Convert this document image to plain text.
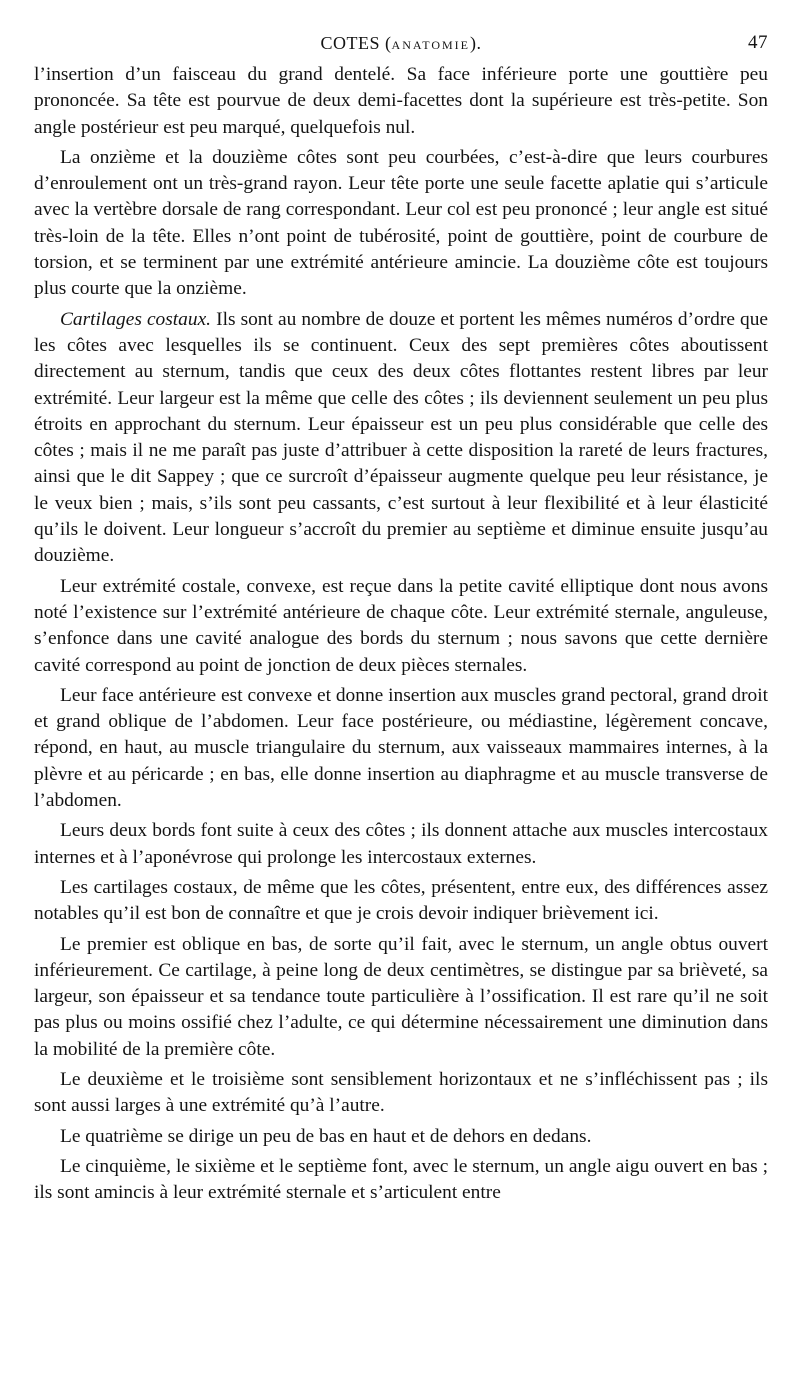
COTES (ANATOMIE).	47

l’insertion d’un faisceau du grand dentelé. Sa face inférieure porte une gouttière peu prononcée. Sa tête est pourvue de deux demi-facettes dont la supérieure est très-petite. Son angle postérieur est peu marqué, quelquefois nul.

La onzième et la douzième côtes sont peu courbées, c’est-à-dire que leurs courbures d’enroulement ont un très-grand rayon. Leur tête porte une seule facette aplatie qui s’articule avec la vertèbre dorsale de rang correspondant. Leur col est peu prononcé ; leur angle est situé très-loin de la tête. Elles n’ont point de tubérosité, point de gouttière, point de courbure de torsion, et se terminent par une extrémité antérieure amincie. La douzième côte est toujours plus courte que la onzième.

Cartilages costaux. Ils sont au nombre de douze et portent les mêmes numéros d’ordre que les côtes avec lesquelles ils se continuent. Ceux des sept premières côtes aboutissent directement au sternum, tandis que ceux des deux côtes flottantes restent libres par leur extrémité. Leur largeur est la même que celle des côtes ; ils deviennent seulement un peu plus étroits en approchant du sternum. Leur épaisseur est un peu plus considérable que celle des côtes ; mais il ne me paraît pas juste d’attribuer à cette disposition la rareté de leurs fractures, ainsi que le dit Sappey ; que ce surcroît d’épaisseur augmente quelque peu leur résistance, je le veux bien ; mais, s’ils sont peu cassants, c’est surtout à leur flexibilité et à leur élasticité qu’ils le doivent. Leur longueur s’accroît du premier au septième et diminue ensuite jusqu’au douzième.

Leur extrémité costale, convexe, est reçue dans la petite cavité elliptique dont nous avons noté l’existence sur l’extrémité antérieure de chaque côte. Leur extrémité sternale, anguleuse, s’enfonce dans une cavité analogue des bords du sternum ; nous savons que cette dernière cavité correspond au point de jonction de deux pièces sternales.

Leur face antérieure est convexe et donne insertion aux muscles grand pectoral, grand droit et grand oblique de l’abdomen. Leur face postérieure, ou médiastine, légèrement concave, répond, en haut, au muscle triangulaire du sternum, aux vaisseaux mammaires internes, à la plèvre et au péricarde ; en bas, elle donne insertion au diaphragme et au muscle transverse de l’abdomen.

Leurs deux bords font suite à ceux des côtes ; ils donnent attache aux muscles intercostaux internes et à l’aponévrose qui prolonge les intercostaux externes.

Les cartilages costaux, de même que les côtes, présentent, entre eux, des différences assez notables qu’il est bon de connaître et que je crois devoir indiquer brièvement ici.

Le premier est oblique en bas, de sorte qu’il fait, avec le sternum, un angle obtus ouvert inférieurement. Ce cartilage, à peine long de deux centimètres, se distingue par sa brièveté, sa largeur, son épaisseur et sa tendance toute particulière à l’ossification. Il est rare qu’il ne soit pas plus ou moins ossifié chez l’adulte, ce qui détermine nécessairement une diminution dans la mobilité de la première côte.

Le deuxième et le troisième sont sensiblement horizontaux et ne s’infléchissent pas ; ils sont aussi larges à une extrémité qu’à l’autre.

Le quatrième se dirige un peu de bas en haut et de dehors en dedans.

Le cinquième, le sixième et le septième font, avec le sternum, un angle aigu ouvert en bas ; ils sont amincis à leur extrémité sternale et s’articulent entre
